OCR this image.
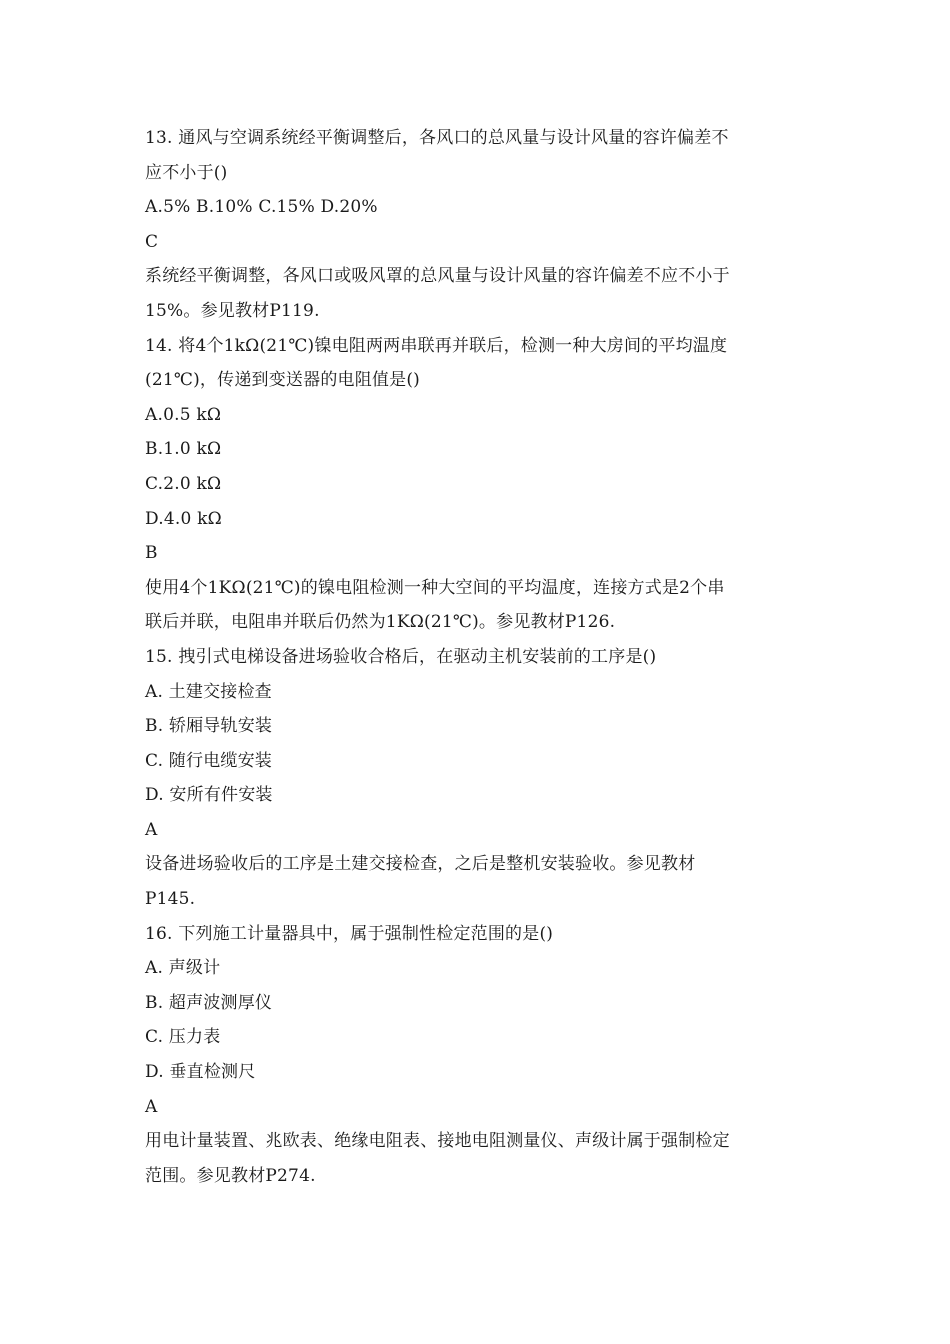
13. 通风与空调系统经平衡调整后，各风口的总风量与设计风量的容许偏差不
应不小于()
A.5% B.10% C.15% D.20%
C
系统经平衡调整，各风口或吸风罩的总风量与设计风量的容许偏差不应不小于
15%。参见教材P119.
14. 将4个1kΩ(21℃)镍电阻两两串联再并联后，检测一种大房间的平均温度
(21℃)，传递到变送器的电阻值是()
A.0.5 kΩ
B.1.0 kΩ
C.2.0 kΩ
D.4.0 kΩ
B
使用4个1KΩ(21℃)的镍电阻检测一种大空间的平均温度，连接方式是2个串
联后并联，电阻串并联后仍然为1KΩ(21℃)。参见教材P126.
15. 拽引式电梯设备进场验收合格后，在驱动主机安装前的工序是()
A. 土建交接检查
B. 轿厢导轨安装
C. 随行电缆安装
D. 安所有件安装
A
设备进场验收后的工序是土建交接检查，之后是整机安装验收。参见教材
P145.
16. 下列施工计量器具中，属于强制性检定范围的是()
A. 声级计
B. 超声波测厚仪
C. 压力表
D. 垂直检测尺
A
用电计量装置、兆欧表、绝缘电阻表、接地电阻测量仪、声级计属于强制检定
范围。参见教材P274.
